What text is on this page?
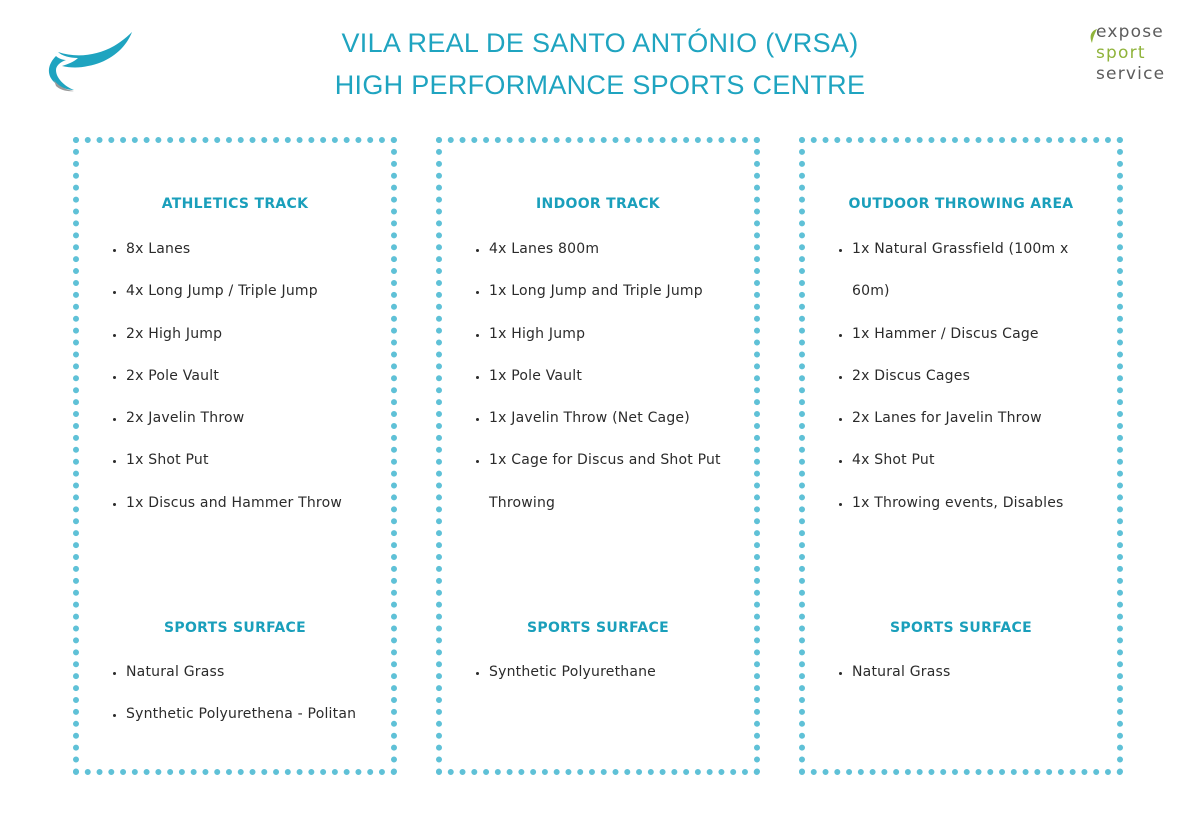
VILA REAL DE SANTO ANTÓNIO (VRSA)
HIGH PERFORMANCE SPORTS CENTRE
expose
sport
service
ATHLETICS TRACK
• 8x Lanes
• 4x Long Jump / Triple Jump
• 2x High Jump
• 2x Pole Vault
• 2x Javelin Throw
• 1x Shot Put
• 1x Discus and Hammer Throw
SPORTS SURFACE
• Natural Grass
• Synthetic Polyurethena - Politan
INDOOR TRACK
• 4x Lanes 800m
• 1x Long Jump and Triple Jump
• 1x High Jump
• 1x Pole Vault
• 1x Javelin Throw (Net Cage)
• 1x Cage for Discus and Shot Put Throwing
SPORTS SURFACE
• Synthetic Polyurethane
OUTDOOR THROWING AREA
• 1x Natural Grassfield (100m x 60m)
• 1x Hammer / Discus Cage
• 2x Discus Cages
• 2x Lanes for Javelin Throw
• 4x Shot Put
• 1x Throwing events, Disables
SPORTS SURFACE
• Natural Grass
